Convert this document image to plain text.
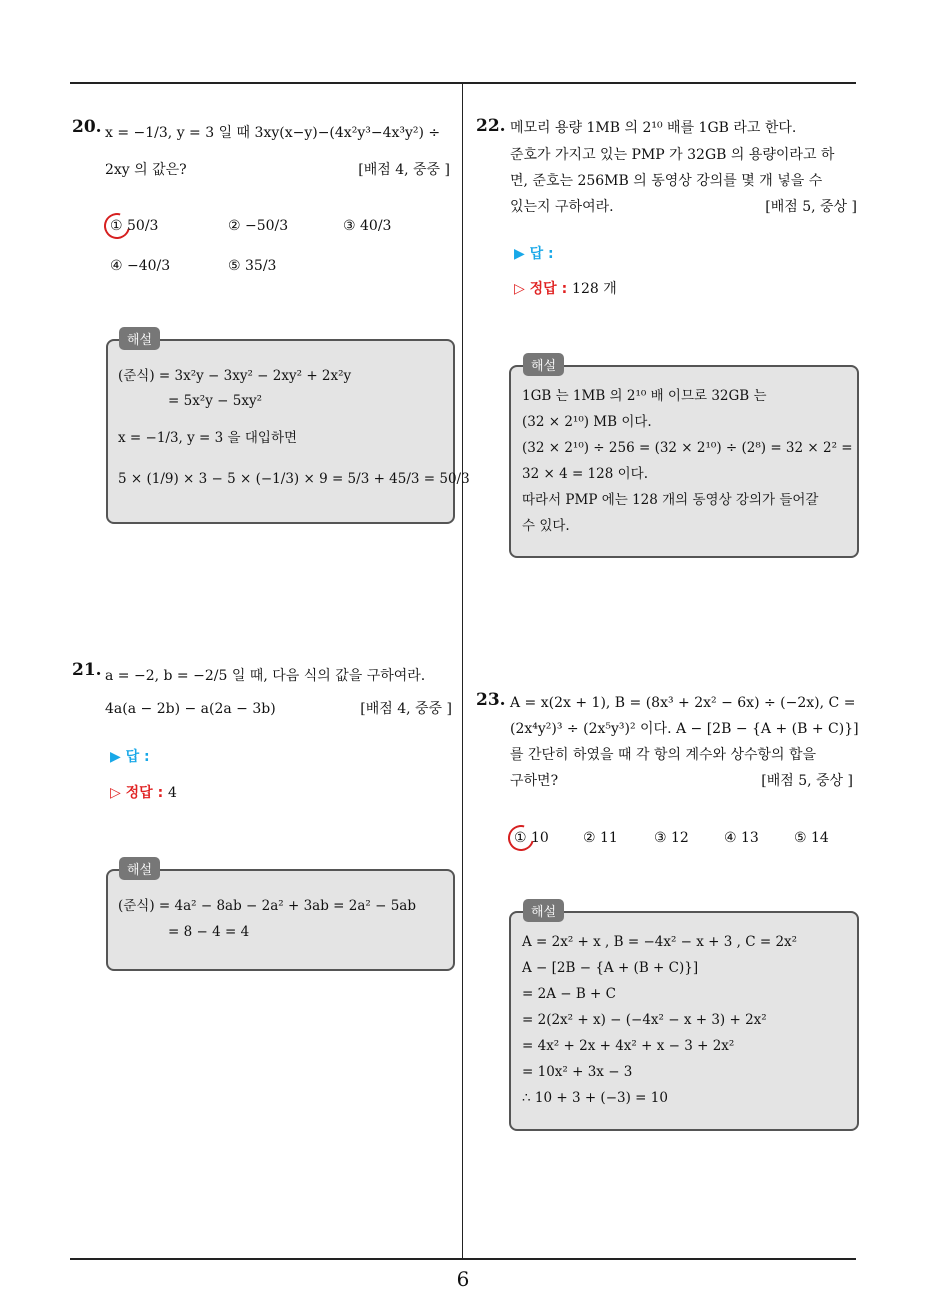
6
20. x = −1/3, y = 3 일 때 3xy(x−y)−(4x²y³−4x³y²) ÷
2xy 의 값은?	[배점 4, 중중 ]
① 50/3	② −50/3	③ 40/3
④ −40/3	⑤ 35/3
해설
(준식) = 3x²y − 3xy² − 2xy² + 2x²y
= 5x²y − 5xy²
x = −1/3, y = 3 을 대입하면
5 × (1/9) × 3 − 5 × (−1/3) × 9 = 5/3 + 45/3 = 50/3
21. a = −2, b = −2/5 일 때, 다음 식의 값을 구하여라.
4a(a − 2b) − a(2a − 3b)	[배점 4, 중중 ]
▶ 답 :
▷ 정답 : 4
해설
(준식) = 4a² − 8ab − 2a² + 3ab = 2a² − 5ab
= 8 − 4 = 4
22. 메모리 용량 1MB 의 2¹⁰ 배를 1GB 라고 한다.
준호가 가지고 있는 PMP 가 32GB 의 용량이라고 하
면, 준호는 256MB 의 동영상 강의를 몇 개 넣을 수
있는지 구하여라.	[배점 5, 중상 ]
▶ 답 :
▷ 정답 : 128 개
해설
1GB 는 1MB 의 2¹⁰ 배 이므로 32GB 는
(32 × 2¹⁰) MB 이다.
(32 × 2¹⁰) ÷ 256 = (32 × 2¹⁰) ÷ (2⁸) = 32 × 2² =
32 × 4 = 128 이다.
따라서 PMP 에는 128 개의 동영상 강의가 들어갈
수 있다.
23. A = x(2x + 1), B = (8x³ + 2x² − 6x) ÷ (−2x), C =
(2x⁴y²)³ ÷ (2x⁵y³)² 이다. A − [2B − {A + (B + C)}]
를 간단히 하였을 때 각 항의 계수와 상수항의 합을
구하면?	[배점 5, 중상 ]
① 10 ② 11	③ 12	④ 13	⑤ 14
해설
A = 2x² + x , B = −4x² − x + 3 , C = 2x²
A − [2B − {A + (B + C)}]
= 2A − B + C
= 2(2x² + x) − (−4x² − x + 3) + 2x²
= 4x² + 2x + 4x² + x − 3 + 2x²
= 10x² + 3x − 3
∴ 10 + 3 + (−3) = 10
